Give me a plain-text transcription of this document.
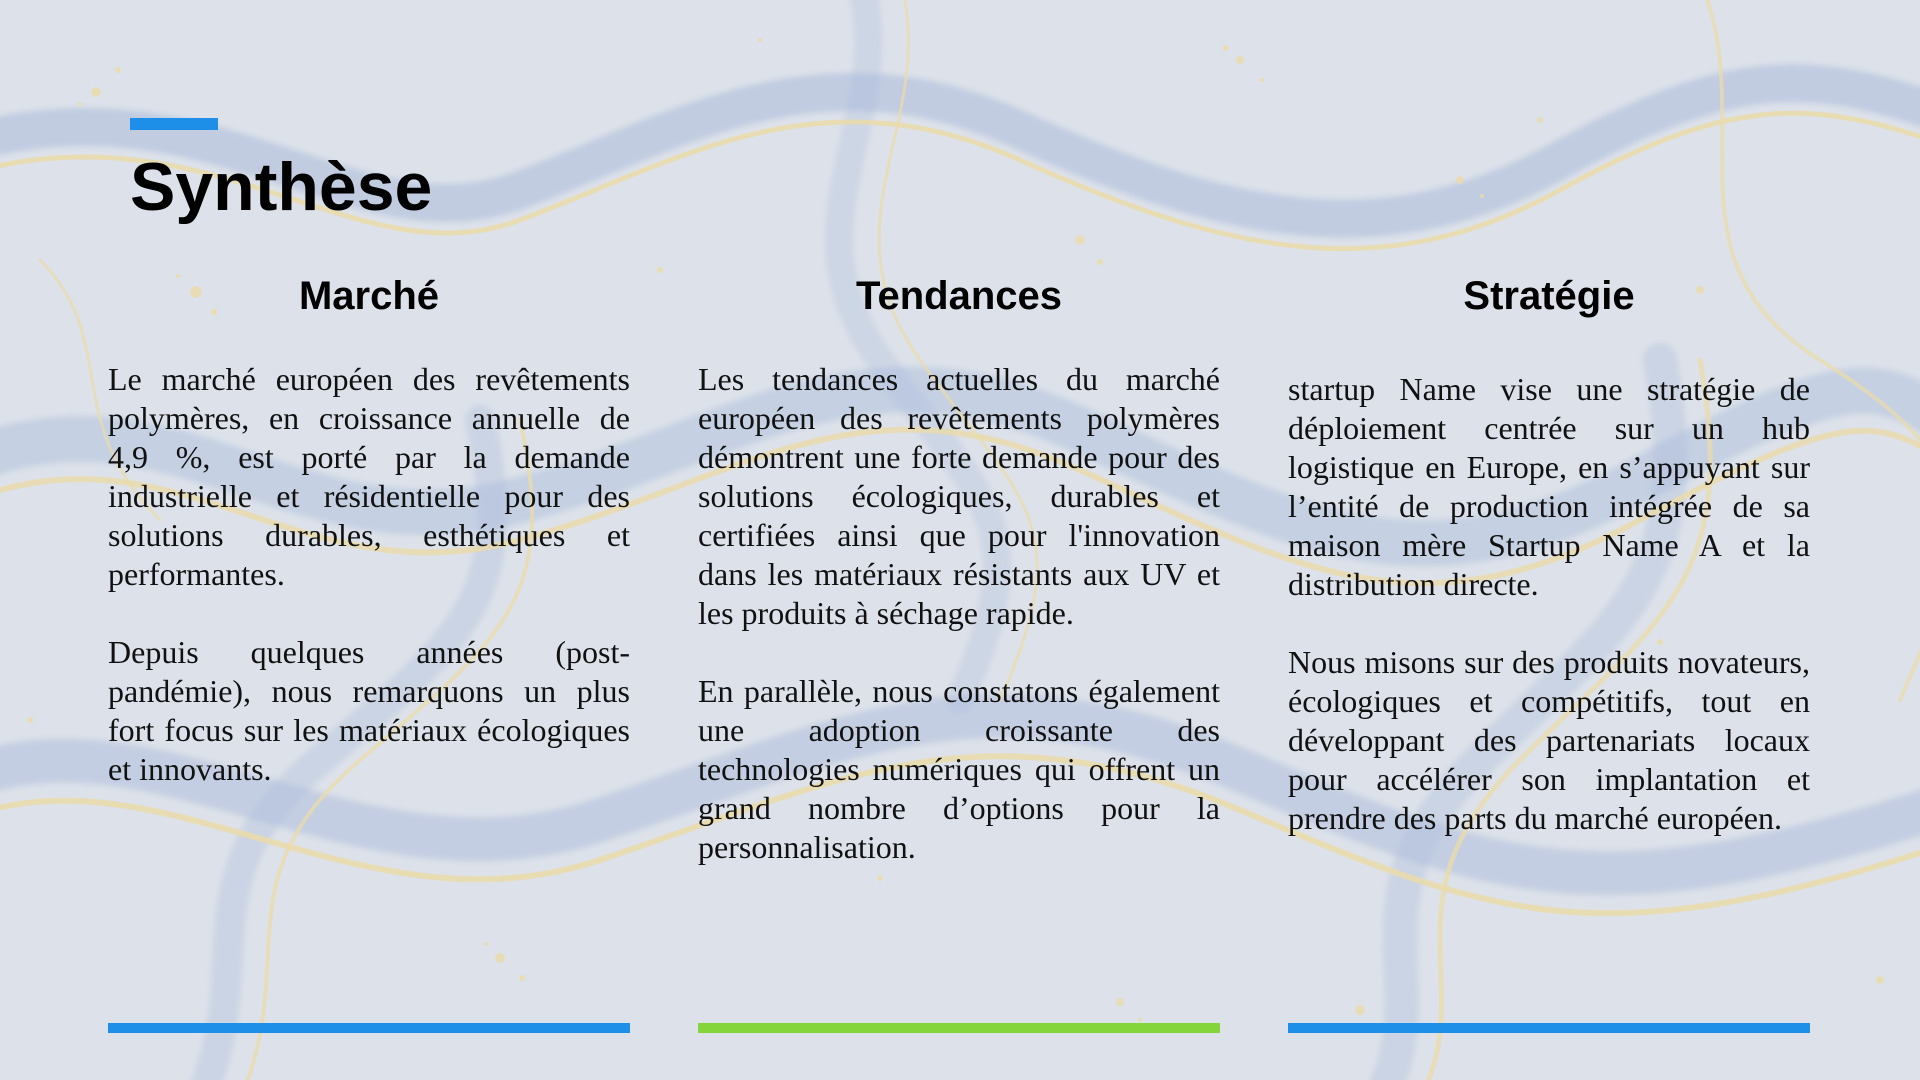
Synthèse
Marché

Le marché européen des revêtements polymères, en croissance annuelle de 4,9 %, est porté par la demande industrielle et résidentielle pour des solutions durables, esthétiques et performantes.

Depuis quelques années (post-pandémie), nous remarquons un plus fort focus sur les matériaux écologiques et innovants.

Tendances

Les tendances actuelles du marché européen des revêtements polymères démontrent une forte demande pour des solutions écologiques, durables et certifiées ainsi que pour l'innovation dans les matériaux résistants aux UV et les produits à séchage rapide.

En parallèle, nous constatons également une adoption croissante des technologies numériques qui offrent un grand nombre d’options pour la personnalisation.

Stratégie

startup Name vise une stratégie de déploiement centrée sur un hub logistique en Europe, en s’appuyant sur l’entité de production intégrée de sa maison mère Startup Name A et la distribution directe.

Nous misons sur des produits novateurs, écologiques et compétitifs, tout en développant des partenariats locaux pour accélérer son implantation et prendre des parts du marché européen.
